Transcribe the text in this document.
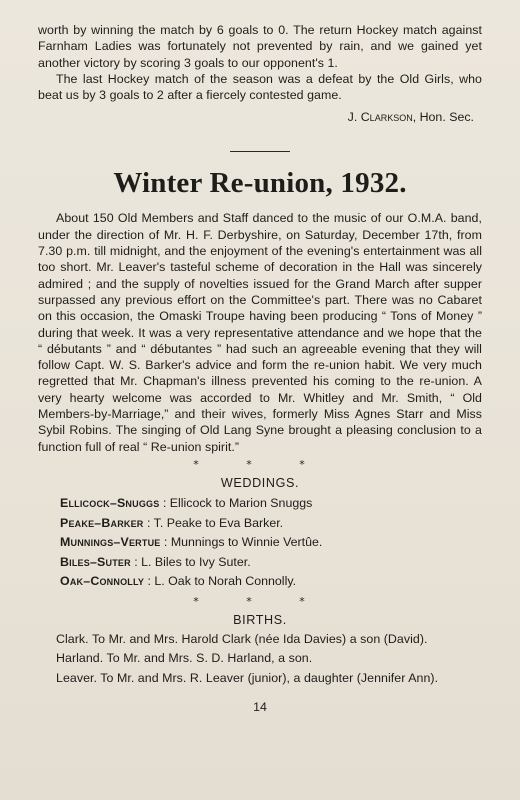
worth by winning the match by 6 goals to 0. The return Hockey match against Farnham Ladies was fortunately not prevented by rain, and we gained yet another victory by scoring 3 goals to our opponent's 1.

The last Hockey match of the season was a defeat by the Old Girls, who beat us by 3 goals to 2 after a fiercely contested game.

J. Clarkson, Hon. Sec.
Winter Re-union, 1932.

About 150 Old Members and Staff danced to the music of our O.M.A. band, under the direction of Mr. H. F. Derbyshire, on Saturday, December 17th, from 7.30 p.m. till midnight, and the enjoyment of the evening's entertainment was all too short. Mr. Leaver's tasteful scheme of decoration in the Hall was sincerely admired ; and the supply of novelties issued for the Grand March after supper surpassed any previous effort on the Committee's part. There was no Cabaret on this occasion, the Omaski Troupe having been producing “ Tons of Money ” during that week. It was a very representative attendance and we hope that the “ débutants ” and “ débutantes ” had such an agreeable evening that they will follow Capt. W. S. Barker's advice and form the re-union habit. We very much regretted that Mr. Chapman's illness prevented his coming to the re-union. A very hearty welcome was accorded to Mr. Whitley and Mr. Smith, “ Old Members-by-Marriage,” and their wives, formerly Miss Agnes Starr and Miss Sybil Robins. The singing of Old Lang Syne brought a pleasing conclusion to a function full of real “ Re-union spirit.”

* * *
WEDDINGS.
Ellicock–Snuggs : Ellicock to Marion Snuggs
Peake–Barker : T. Peake to Eva Barker.
Munnings–Vertue : Munnings to Winnie Vertûe.
Biles–Suter : L. Biles to Ivy Suter.
Oak–Connolly : L. Oak to Norah Connolly.
* * *
BIRTHS.

Clark. To Mr. and Mrs. Harold Clark (née Ida Davies) a son (David).

Harland. To Mr. and Mrs. S. D. Harland, a son.

Leaver. To Mr. and Mrs. R. Leaver (junior), a daughter (Jennifer Ann).

14
